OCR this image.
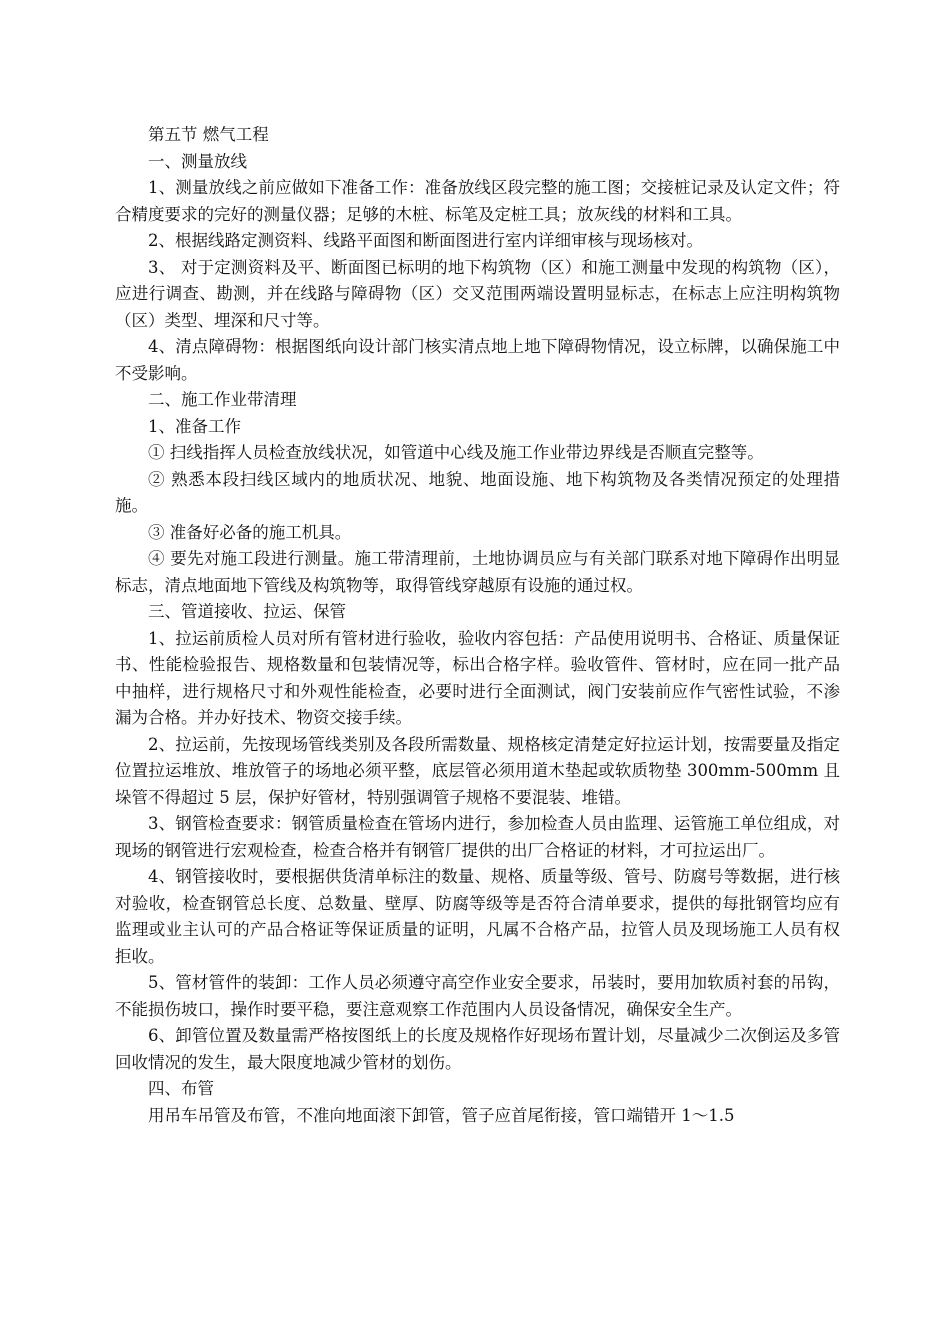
第五节 燃气工程

一、测量放线

1、测量放线之前应做如下准备工作：准备放线区段完整的施工图；交接桩记录及认定文件；符合精度要求的完好的测量仪器；足够的木桩、标笔及定桩工具；放灰线的材料和工具。

2、根据线路定测资料、线路平面图和断面图进行室内详细审核与现场核对。

3、 对于定测资料及平、断面图已标明的地下构筑物（区）和施工测量中发现的构筑物（区），应进行调查、勘测，并在线路与障碍物（区）交叉范围两端设置明显标志，在标志上应注明构筑物（区）类型、埋深和尺寸等。

4、清点障碍物：根据图纸向设计部门核实清点地上地下障碍物情况，设立标牌，以确保施工中不受影响。

二、施工作业带清理

1、准备工作

① 扫线指挥人员检查放线状况，如管道中心线及施工作业带边界线是否顺直完整等。

② 熟悉本段扫线区域内的地质状况、地貌、地面设施、地下构筑物及各类情况预定的处理措施。

③ 准备好必备的施工机具。

④ 要先对施工段进行测量。施工带清理前，土地协调员应与有关部门联系对地下障碍作出明显标志，清点地面地下管线及构筑物等，取得管线穿越原有设施的通过权。

三、管道接收、拉运、保管

1、拉运前质检人员对所有管材进行验收，验收内容包括：产品使用说明书、合格证、质量保证书、性能检验报告、规格数量和包装情况等，标出合格字样。验收管件、管材时，应在同一批产品中抽样，进行规格尺寸和外观性能检查，必要时进行全面测试，阀门安装前应作气密性试验，不渗漏为合格。并办好技术、物资交接手续。

2、拉运前，先按现场管线类别及各段所需数量、规格核定清楚定好拉运计划，按需要量及指定位置拉运堆放、堆放管子的场地必须平整，底层管必须用道木垫起或软质物垫 300mm-500mm 且垛管不得超过 5 层，保护好管材，特别强调管子规格不要混装、堆错。

3、钢管检查要求：钢管质量检查在管场内进行，参加检查人员由监理、运管施工单位组成，对现场的钢管进行宏观检查，检查合格并有钢管厂提供的出厂合格证的材料，才可拉运出厂。

4、钢管接收时，要根据供货清单标注的数量、规格、质量等级、管号、防腐号等数据，进行核对验收，检查钢管总长度、总数量、壁厚、防腐等级等是否符合清单要求，提供的每批钢管均应有监理或业主认可的产品合格证等保证质量的证明，凡属不合格产品，拉管人员及现场施工人员有权拒收。

5、管材管件的装卸：工作人员必须遵守高空作业安全要求，吊装时，要用加软质衬套的吊钩，不能损伤坡口，操作时要平稳，要注意观察工作范围内人员设备情况，确保安全生产。

6、卸管位置及数量需严格按图纸上的长度及规格作好现场布置计划，尽量减少二次倒运及多管回收情况的发生，最大限度地减少管材的划伤。

四、布管

用吊车吊管及布管，不准向地面滚下卸管，管子应首尾衔接，管口端错开 1～1.5
